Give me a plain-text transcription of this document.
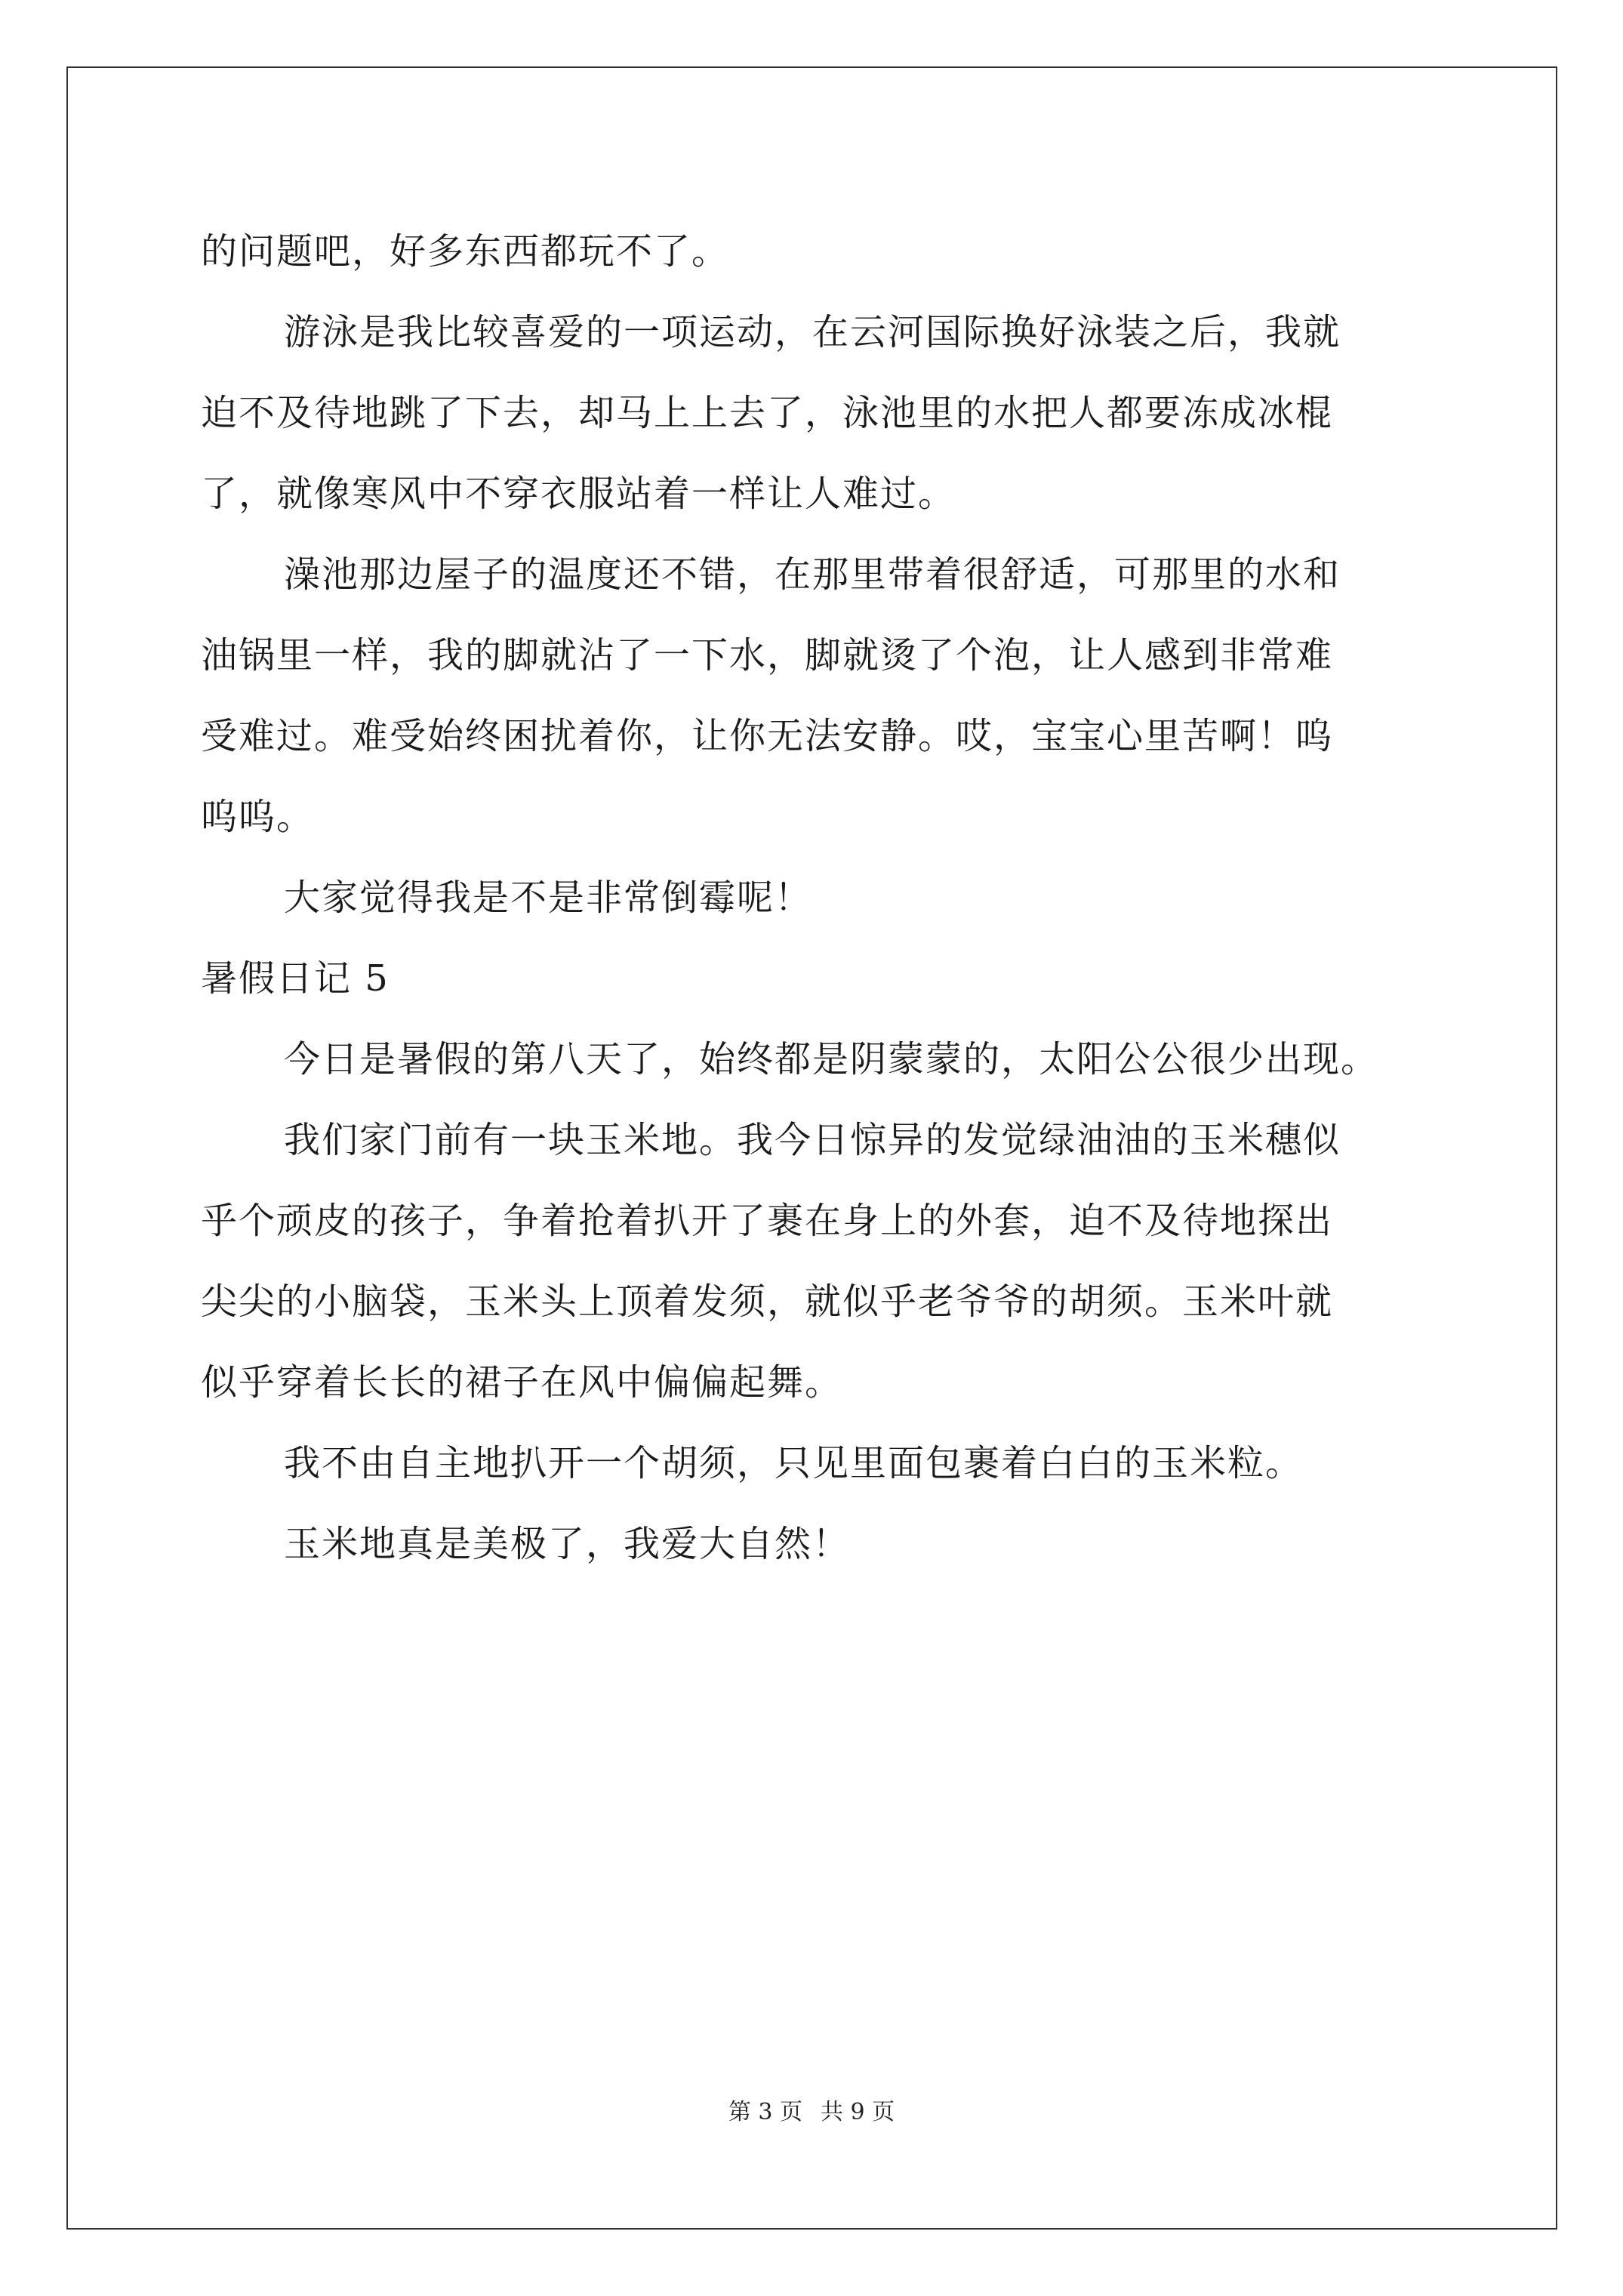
的问题吧，好多东西都玩不了。
游泳是我比较喜爱的一项运动，在云河国际换好泳装之后，我就
迫不及待地跳了下去，却马上上去了，泳池里的水把人都要冻成冰棍
了，就像寒风中不穿衣服站着一样让人难过。
澡池那边屋子的温度还不错，在那里带着很舒适，可那里的水和
油锅里一样，我的脚就沾了一下水，脚就烫了个泡，让人感到非常难
受难过。难受始终困扰着你，让你无法安静。哎，宝宝心里苦啊！呜
呜呜。
大家觉得我是不是非常倒霉呢！
暑假日记 5
今日是暑假的第八天了，始终都是阴蒙蒙的，太阳公公很少出现。
我们家门前有一块玉米地。我今日惊异的发觉绿油油的玉米穗似
乎个顽皮的孩子，争着抢着扒开了裹在身上的外套，迫不及待地探出
尖尖的小脑袋，玉米头上顶着发须，就似乎老爷爷的胡须。玉米叶就
似乎穿着长长的裙子在风中偏偏起舞。
我不由自主地扒开一个胡须，只见里面包裹着白白的玉米粒。
玉米地真是美极了，我爱大自然！
第 3 页 共 9 页
